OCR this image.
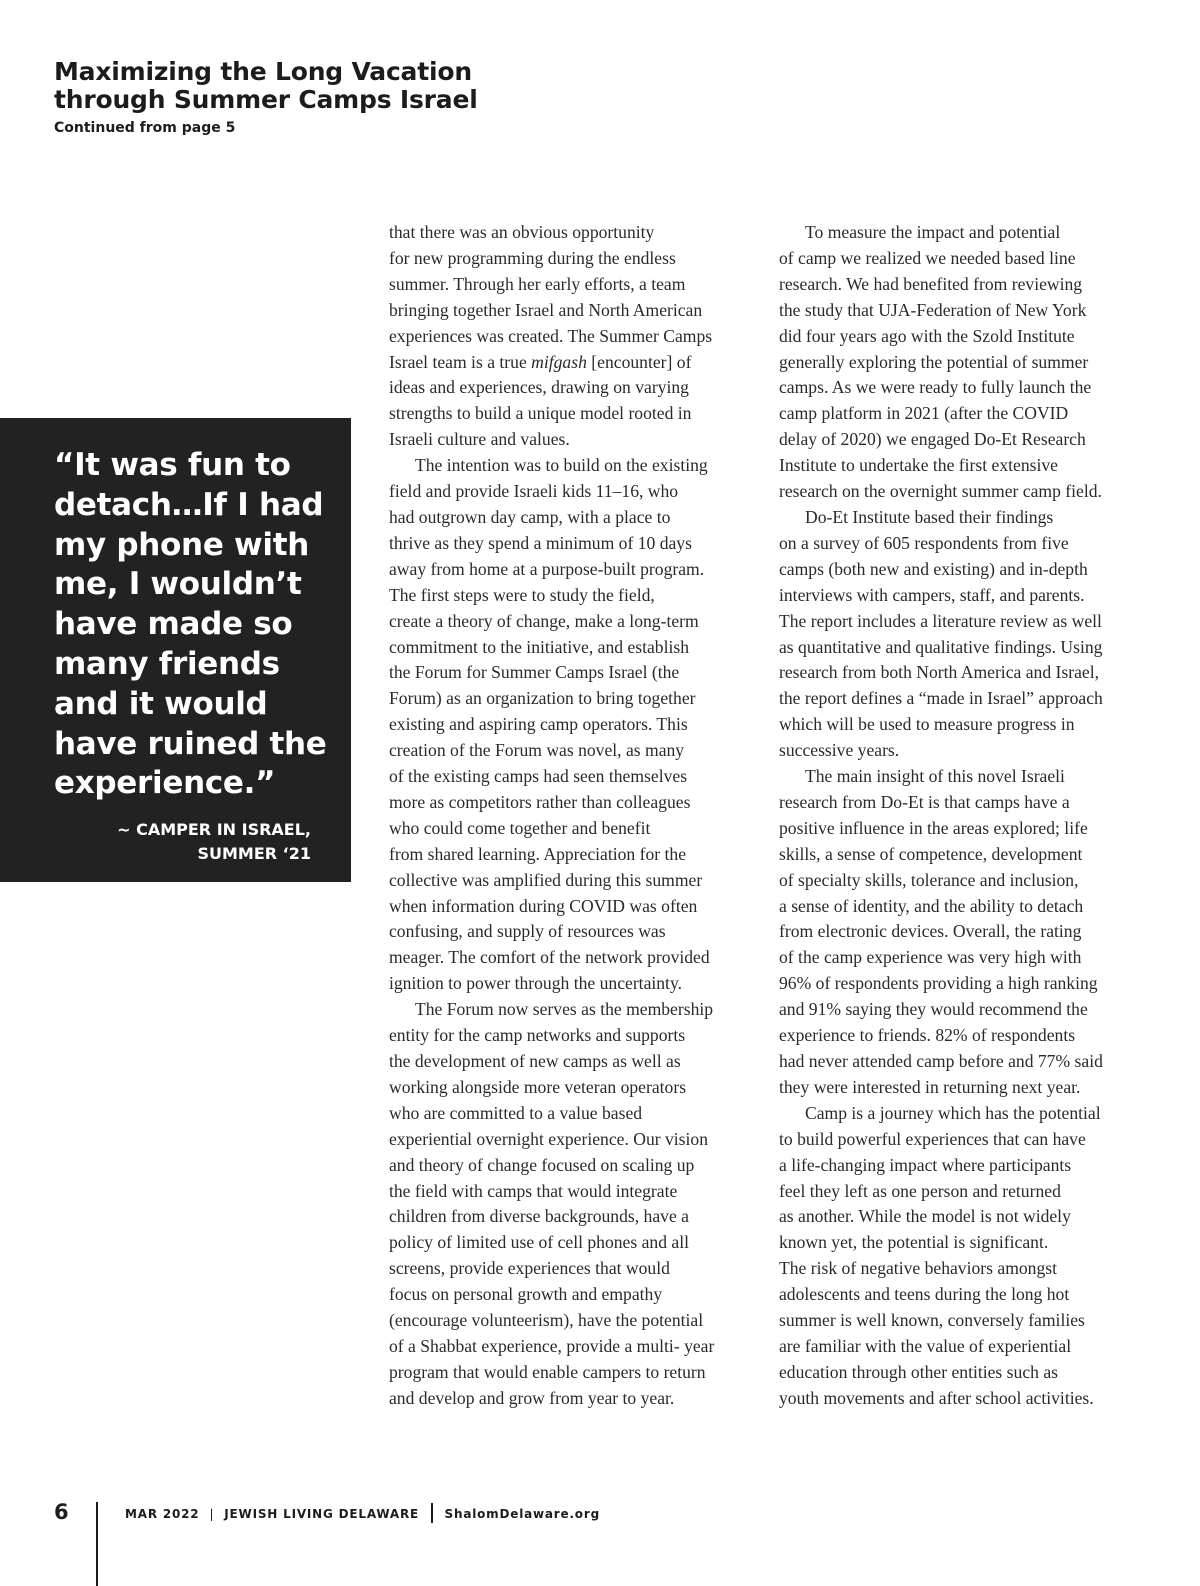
Maximizing the Long Vacation
through Summer Camps Israel
Continued from page 5
“It was fun to
detach…If I had
my phone with
me, I wouldn’t
have made so
many friends
and it would
have ruined the
experience.”
~ CAMPER IN ISRAEL,
SUMMER ‘21
that there was an obvious opportunity
for new programming during the endless
summer. Through her early efforts, a team
bringing together Israel and North American
experiences was created. The Summer Camps
Israel team is a true mifgash [encounter] of
ideas and experiences, drawing on varying
strengths to build a unique model rooted in
Israeli culture and values.
The intention was to build on the existing
field and provide Israeli kids 11–16, who
had outgrown day camp, with a place to
thrive as they spend a minimum of 10 days
away from home at a purpose-built program.
The first steps were to study the field,
create a theory of change, make a long-term
commitment to the initiative, and establish
the Forum for Summer Camps Israel (the
Forum) as an organization to bring together
existing and aspiring camp operators. This
creation of the Forum was novel, as many
of the existing camps had seen themselves
more as competitors rather than colleagues
who could come together and benefit
from shared learning. Appreciation for the
collective was amplified during this summer
when information during COVID was often
confusing, and supply of resources was
meager. The comfort of the network provided
ignition to power through the uncertainty.
The Forum now serves as the membership
entity for the camp networks and supports
the development of new camps as well as
working alongside more veteran operators
who are committed to a value based
experiential overnight experience. Our vision
and theory of change focused on scaling up
the field with camps that would integrate
children from diverse backgrounds, have a
policy of limited use of cell phones and all
screens, provide experiences that would
focus on personal growth and empathy
(encourage volunteerism), have the potential
of a Shabbat experience, provide a multi- year
program that would enable campers to return
and develop and grow from year to year.
To measure the impact and potential
of camp we realized we needed based line
research. We had benefited from reviewing
the study that UJA-Federation of New York
did four years ago with the Szold Institute
generally exploring the potential of summer
camps. As we were ready to fully launch the
camp platform in 2021 (after the COVID
delay of 2020) we engaged Do-Et Research
Institute to undertake the first extensive
research on the overnight summer camp field.
Do-Et Institute based their findings
on a survey of 605 respondents from five
camps (both new and existing) and in-depth
interviews with campers, staff, and parents.
The report includes a literature review as well
as quantitative and qualitative findings. Using
research from both North America and Israel,
the report defines a “made in Israel” approach
which will be used to measure progress in
successive years.
The main insight of this novel Israeli
research from Do-Et is that camps have a
positive influence in the areas explored; life
skills, a sense of competence, development
of specialty skills, tolerance and inclusion,
a sense of identity, and the ability to detach
from electronic devices. Overall, the rating
of the camp experience was very high with
96% of respondents providing a high ranking
and 91% saying they would recommend the
experience to friends. 82% of respondents
had never attended camp before and 77% said
they were interested in returning next year.
Camp is a journey which has the potential
to build powerful experiences that can have
a life-changing impact where participants
feel they left as one person and returned
as another. While the model is not widely
known yet, the potential is significant.
The risk of negative behaviors amongst
adolescents and teens during the long hot
summer is well known, conversely families
are familiar with the value of experiential
education through other entities such as
youth movements and after school activities.
6	MAR 2022 | JEWISH LIVING DELAWARE ShalomDelaware.org
